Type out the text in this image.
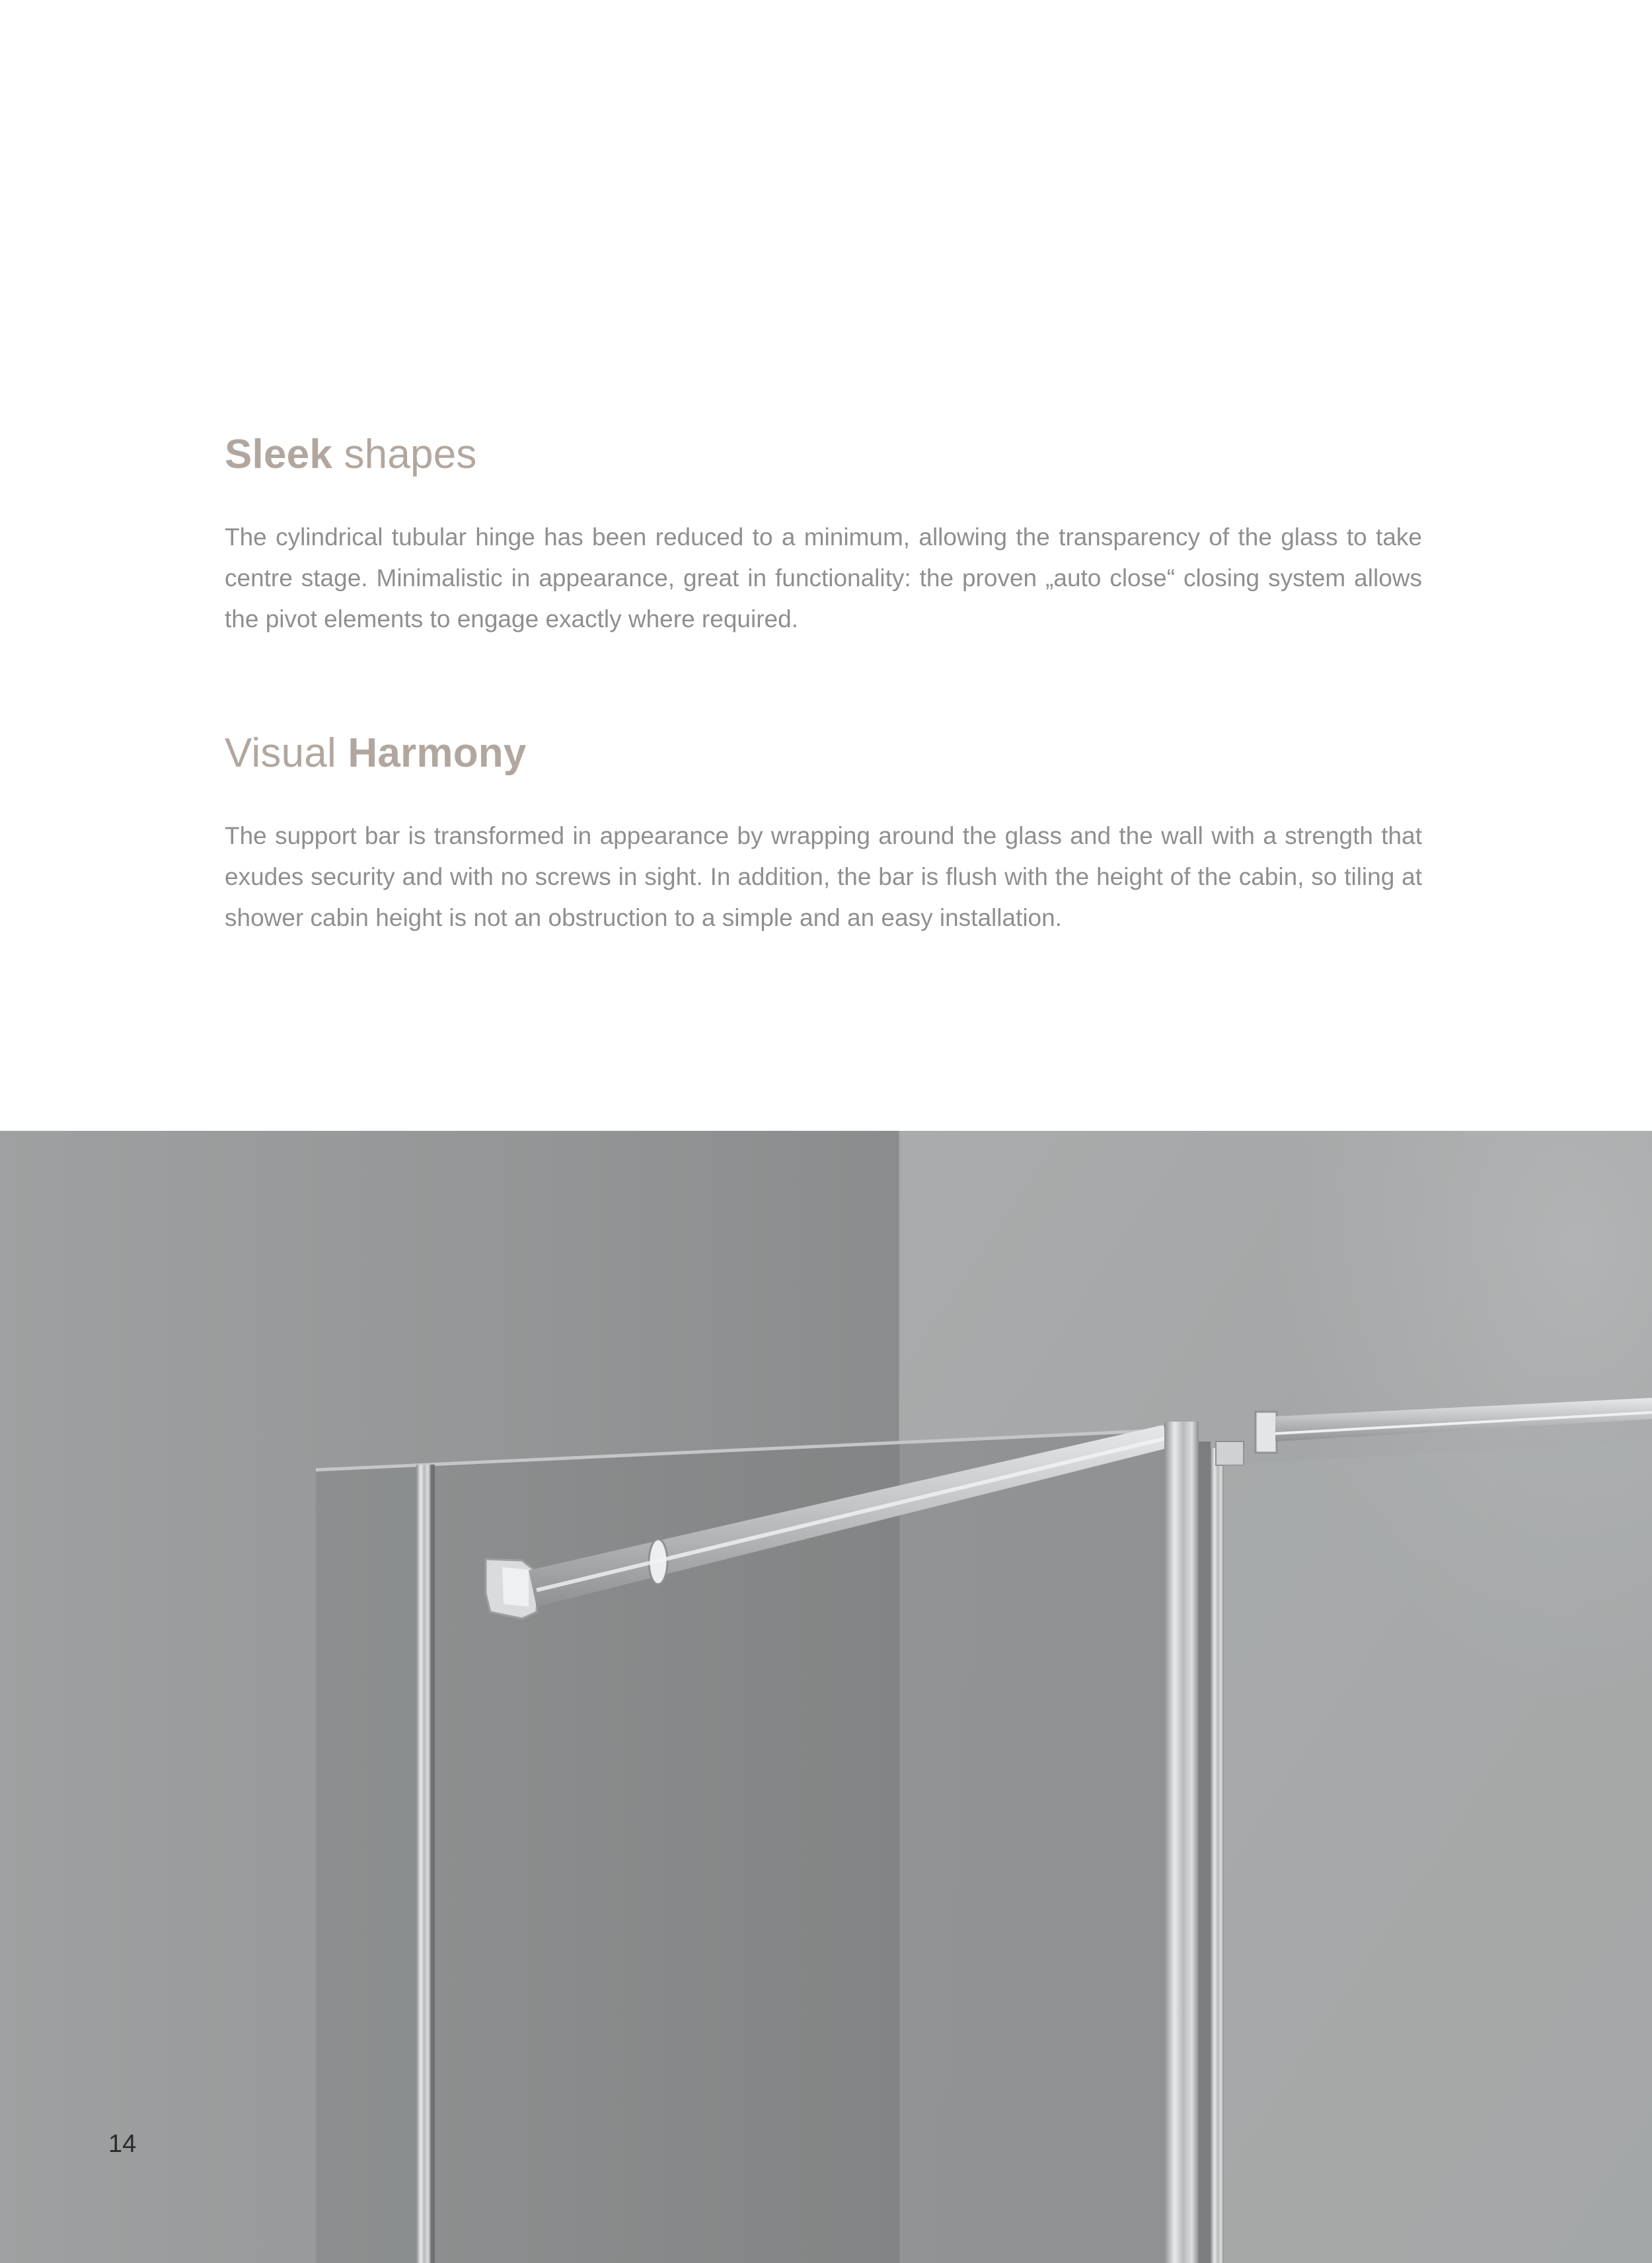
Sleek shapes

The cylindrical tubular hinge has been reduced to a minimum, allowing the transparency of the glass to take centre stage. Minimalistic in appearance, great in functionality: the proven „auto close“ closing system allows the pivot elements to engage exactly where required.

Visual Harmony

The support bar is transformed in appearance by wrapping around the glass and the wall with a strength that exudes security and with no screws in sight. In addition, the bar is flush with the height of the cabin, so tiling at shower cabin height is not an obstruction to a simple and an easy installation.

14
